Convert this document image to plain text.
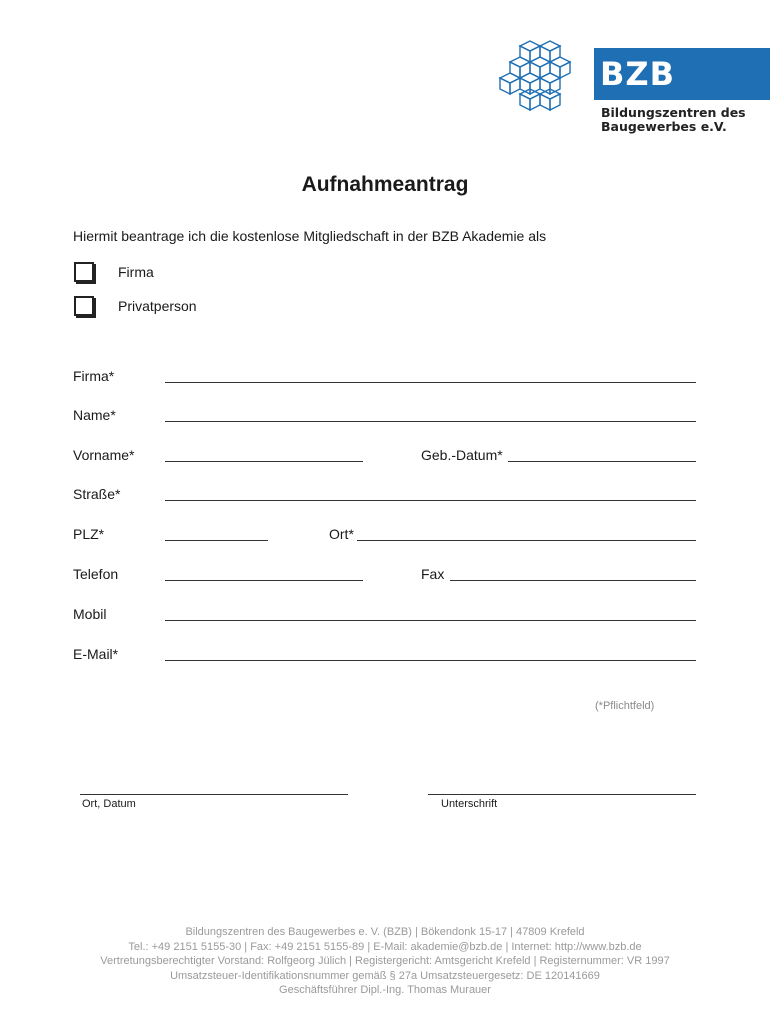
BZB
Bildungszentren des
Baugewerbes e.V.
Aufnahmeantrag
Hiermit beantrage ich die kostenlose Mitgliedschaft in der BZB Akademie als
Firma
Privatperson
Firma*
Name*
Vorname*	Geb.-Datum*
Straße*
PLZ*	Ort*
Telefon	Fax
Mobil
E-Mail*
(*Pflichtfeld)
Ort, Datum	Unterschrift
Bildungszentren des Baugewerbes e. V. (BZB) | Bökendonk 15-17 | 47809 Krefeld
Tel.: +49 2151 5155-30 | Fax: +49 2151 5155-89 | E-Mail: akademie@bzb.de | Internet: http://www.bzb.de
Vertretungsberechtigter Vorstand: Rolfgeorg Jülich | Registergericht: Amtsgericht Krefeld | Registernummer: VR 1997
Umsatzsteuer-Identifikationsnummer gemäß § 27a Umsatzsteuergesetz: DE 120141669
Geschäftsführer Dipl.-Ing. Thomas Murauer
